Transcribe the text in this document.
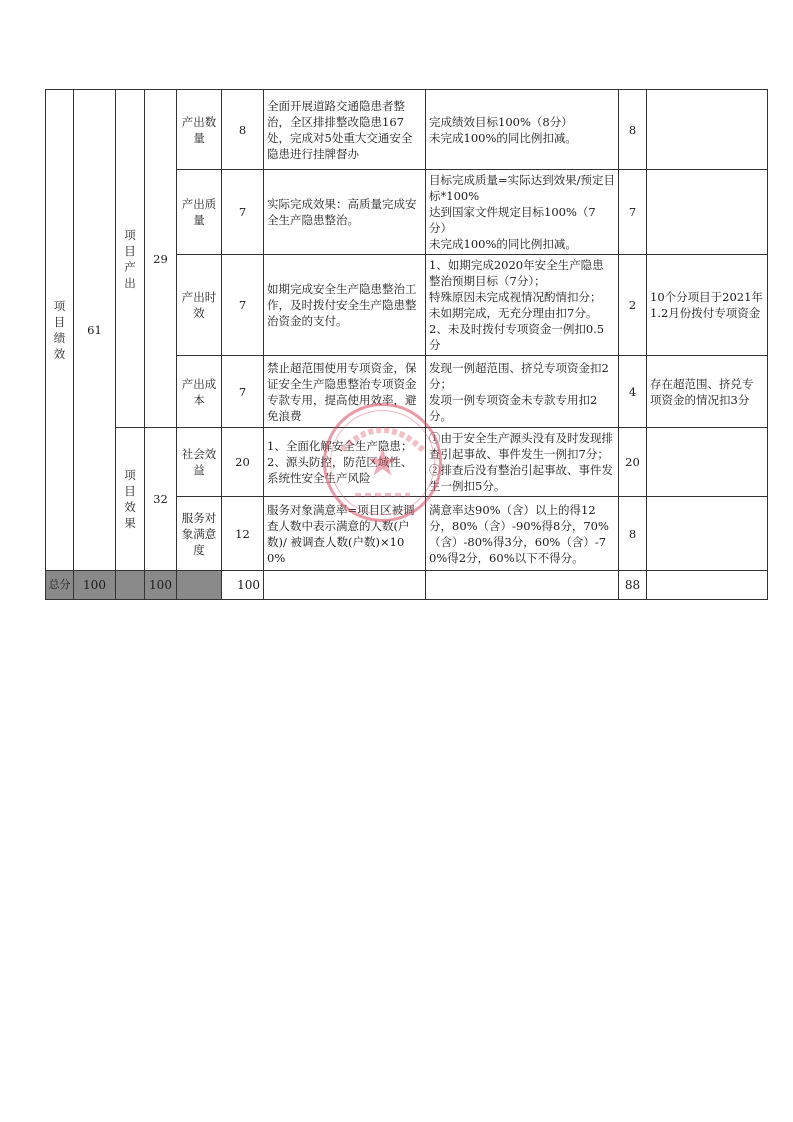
项目绩效	61	项目产出	29	产出数量	8	全面开展道路交通隐患者整治，全区排排整改隐患167处，完成对5处重大交通安全隐患进行挂牌督办	完成绩效目标100%（8分）
未完成100%的同比例扣减。	8	
				产出质量	7	实际完成效果：高质量完成安全生产隐患整治。	目标完成质量=实际达到效果/预定目标*100%
达到国家文件规定目标100%（7分）
未完成100%的同比例扣减。	7	
				产出时效	7	如期完成安全生产隐患整治工作，及时拨付安全生产隐患整治资金的支付。	1、如期完成2020年安全生产隐患整治预期目标（7分）；
特殊原因未完成视情况酌情扣分；
未如期完成，无充分理由扣7分。2、未及时拨付专项资金一例扣0.5分	2	10个分项目于2021年1.2月份拨付专项资金
				产出成本	7	禁止超范围使用专项资金，保证安全生产隐患整治专项资金专款专用，提高使用效率，避免浪费	发现一例超范围、挤兑专项资金扣2分；
发项一例专项资金未专款专用扣2分。	4	存在超范围、挤兑专项资金的情况扣3分
		项目效果	32	社会效益	20	1、全面化解安全生产隐患；2、源头防控，防范区域性、系统性安全生产风险	①由于安全生产源头没有及时发现排查引起事故、事件发生一例扣7分；②排查后没有整治引起事故、事件发生一例扣5分。	20	
				服务对象满意度	12	服务对象满意率=项目区被调查人数中表示满意的人数(户数)/ 被调查人数(户数)×100%	满意率达90%（含）以上的得12分，80%（含）-90%得8分，70%（含）-80%得3分，60%（含）-70%得2分，60%以下不得分。	8	
总分	100		100		100			88	
